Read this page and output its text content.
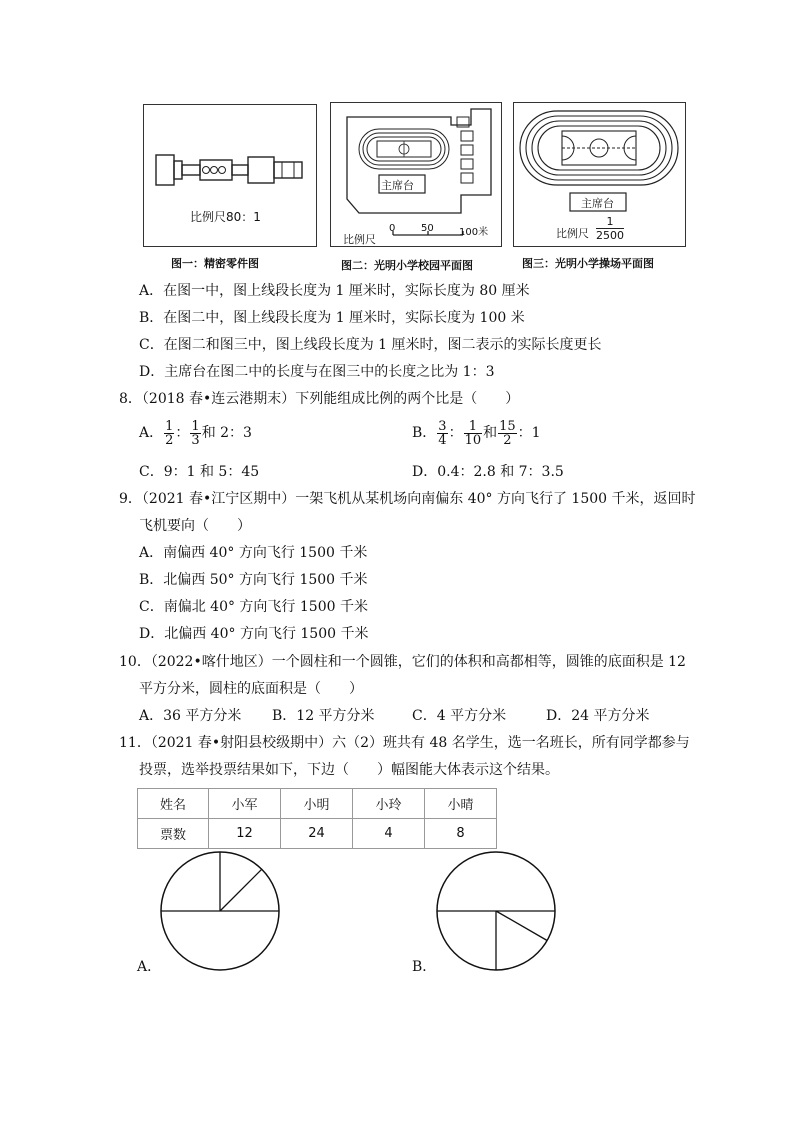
比例尺80：1
图一：精密零件图
主席台
比例尺
0	50	100米
图二：光明小学校园平面图
主席台
比例尺 $\frac{1}{2500}$
图三：光明小学操场平面图
A．在图一中，图上线段长度为 1 厘米时，实际长度为 80 厘米
B．在图二中，图上线段长度为 1 厘米时，实际长度为 100 米
C．在图二和图三中，图上线段长度为 1 厘米时，图二表示的实际长度更长
D．主席台在图二中的长度与在图三中的长度之比为 1：3
8．（2018 春•连云港期末）下列能组成比例的两个比是（　　）
A． $\frac{1}{2}$ ： $\frac{1}{3}$ 和 2：3	B． $\frac{3}{4}$ ： $\frac{1}{10}$ 和 $\frac{15}{2}$ ：1
C．9：1 和 5：45	D．0.4：2.8 和 7：3.5
9．（2021 春•江宁区期中）一架飞机从某机场向南偏东 40° 方向飞行了 1500 千米，返回时
飞机要向（　　）
A．南偏西 40° 方向飞行 1500 千米
B．北偏西 50° 方向飞行 1500 千米
C．南偏北 40° 方向飞行 1500 千米
D．北偏西 40° 方向飞行 1500 千米
10．（2022•喀什地区）一个圆柱和一个圆锥，它们的体积和高都相等，圆锥的底面积是 12
平方分米，圆柱的底面积是（　　）
A．36 平方分米 B．12 平方分米	C．4 平方分米	D．24 平方分米
11．（2021 春•射阳县校级期中）六（2）班共有 48 名学生，选一名班长，所有同学都参与
投票，选举投票结果如下，下边（　　）幅图能大体表示这个结果。
姓名	小军	小明	小玲	小晴
票数	12	24	4	8
A．	B．
